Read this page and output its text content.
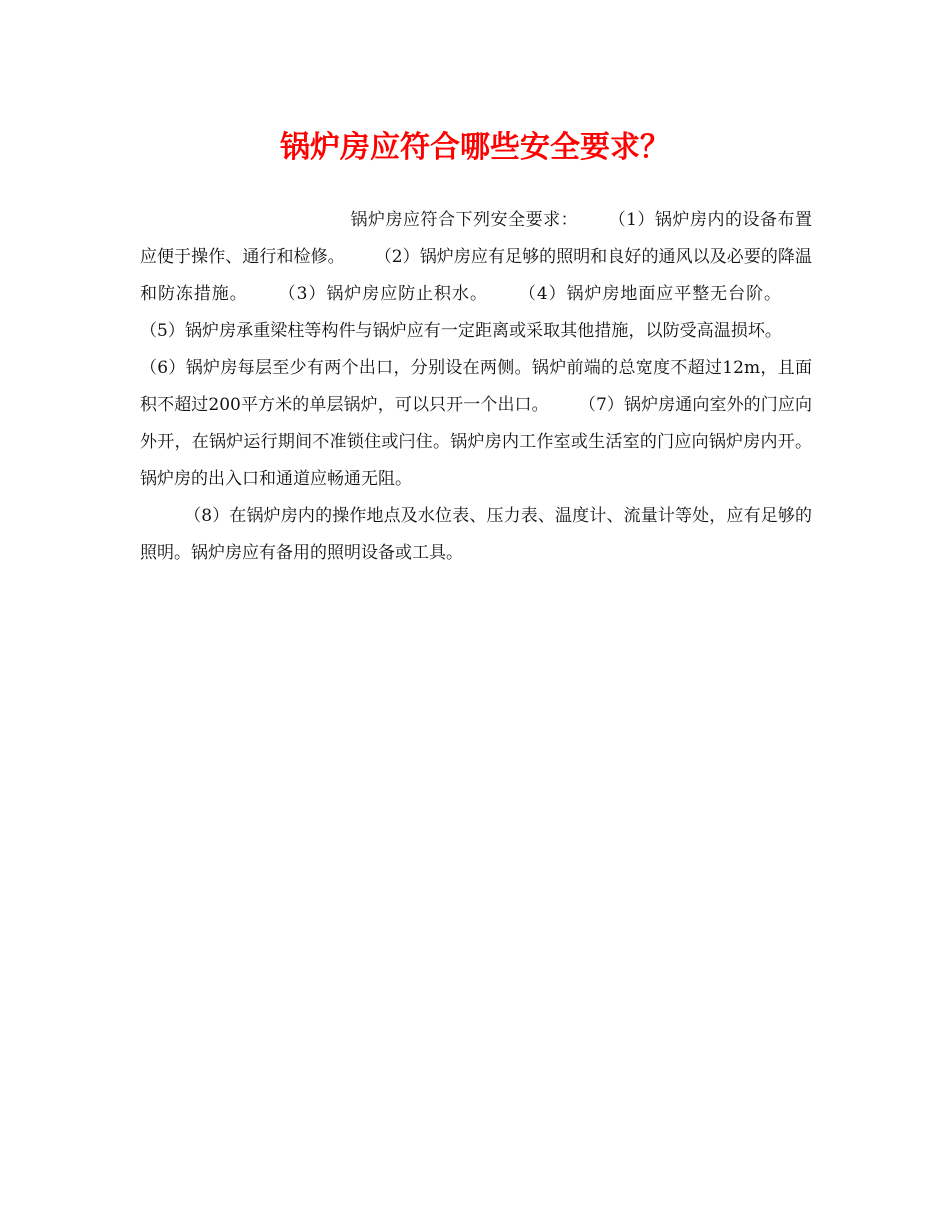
锅炉房应符合哪些安全要求？

锅炉房应符合下列安全要求： （1）锅炉房内的设备布置应便于操作、通行和检修。 （2）锅炉房应有足够的照明和良好的通风以及必要的降温和防冻措施。 （3）锅炉房应防止积水。 （4）锅炉房地面应平整无台阶。（5）锅炉房承重梁柱等构件与锅炉应有一定距离或采取其他措施，以防受高温损坏。（6）锅炉房每层至少有两个出口，分别设在两侧。锅炉前端的总宽度不超过12m，且面积不超过200平方米的单层锅炉，可以只开一个出口。 （7）锅炉房通向室外的门应向外开，在锅炉运行期间不准锁住或闩住。锅炉房内工作室或生活室的门应向锅炉房内开。锅炉房的出入口和通道应畅通无阻。
（8）在锅炉房内的操作地点及水位表、压力表、温度计、流量计等处，应有足够的照明。锅炉房应有备用的照明设备或工具。
